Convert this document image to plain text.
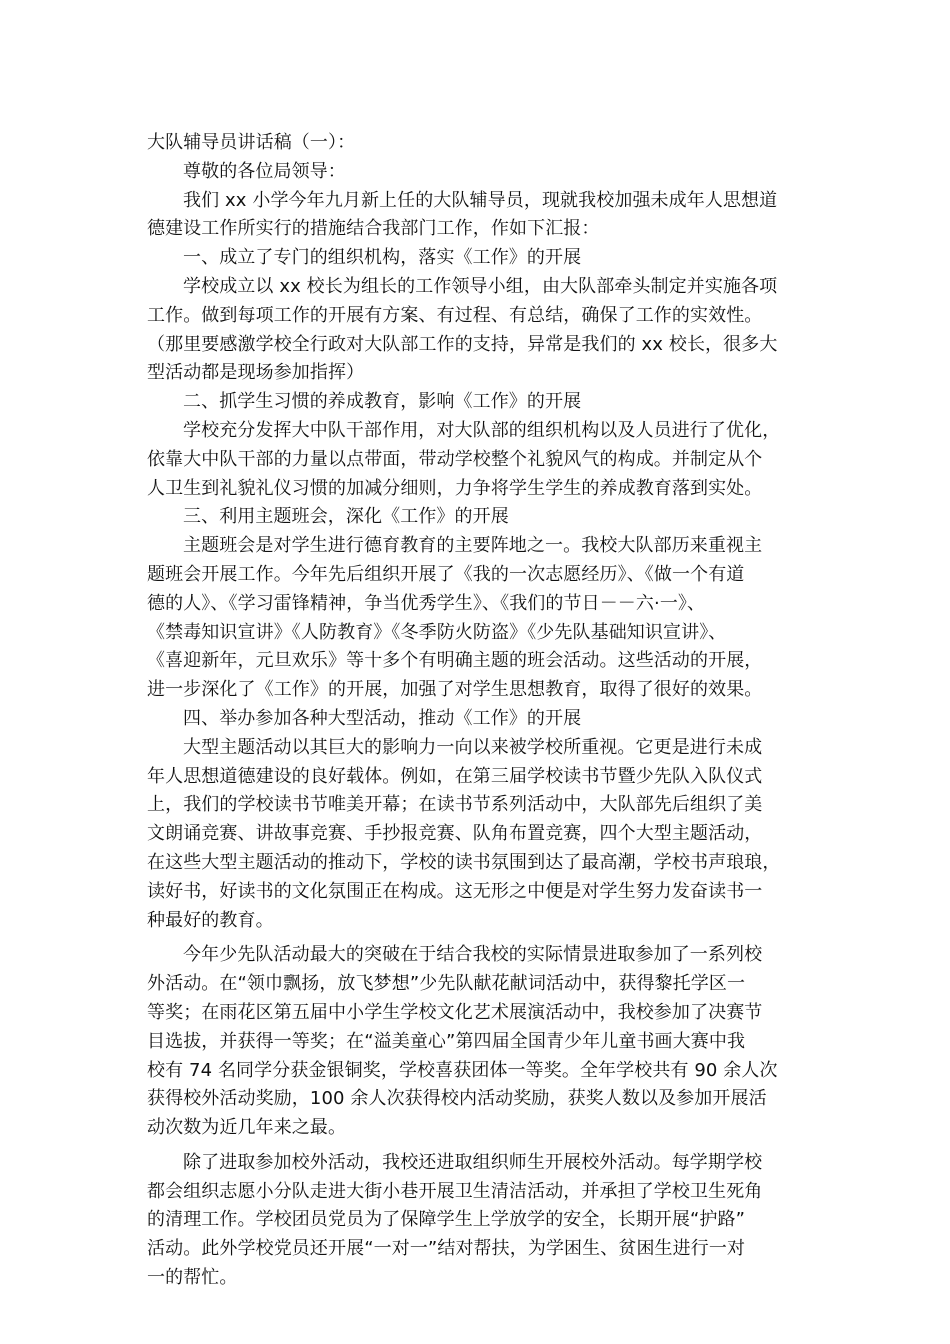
大队辅导员讲话稿（一）：
尊敬的各位局领导：
我们 xx 小学今年九月新上任的大队辅导员，现就我校加强未成年人思想道
德建设工作所实行的措施结合我部门工作，作如下汇报：
一、成立了专门的组织机构，落实《工作》的开展
学校成立以 xx 校长为组长的工作领导小组，由大队部牵头制定并实施各项
工作。做到每项工作的开展有方案、有过程、有总结，确保了工作的实效性。
（那里要感激学校全行政对大队部工作的支持，异常是我们的 xx 校长，很多大
型活动都是现场参加指挥）
二、抓学生习惯的养成教育，影响《工作》的开展
学校充分发挥大中队干部作用，对大队部的组织机构以及人员进行了优化，
依靠大中队干部的力量以点带面，带动学校整个礼貌风气的构成。并制定从个
人卫生到礼貌礼仪习惯的加减分细则，力争将学生学生的养成教育落到实处。
三、利用主题班会，深化《工作》的开展
主题班会是对学生进行德育教育的主要阵地之一。我校大队部历来重视主
题班会开展工作。今年先后组织开展了《我的一次志愿经历》、《做一个有道
德的人》、《学习雷锋精神，争当优秀学生》、《我们的节日－－六·一》、
《禁毒知识宣讲》《人防教育》《冬季防火防盗》《少先队基础知识宣讲》、
《喜迎新年，元旦欢乐》等十多个有明确主题的班会活动。这些活动的开展，
进一步深化了《工作》的开展，加强了对学生思想教育，取得了很好的效果。
四、举办参加各种大型活动，推动《工作》的开展
大型主题活动以其巨大的影响力一向以来被学校所重视。它更是进行未成
年人思想道德建设的良好载体。例如，在第三届学校读书节暨少先队入队仪式
上，我们的学校读书节唯美开幕；在读书节系列活动中，大队部先后组织了美
文朗诵竞赛、讲故事竞赛、手抄报竞赛、队角布置竞赛，四个大型主题活动，
在这些大型主题活动的推动下，学校的读书氛围到达了最高潮，学校书声琅琅，
读好书，好读书的文化氛围正在构成。这无形之中便是对学生努力发奋读书一
种最好的教育。
今年少先队活动最大的突破在于结合我校的实际情景进取参加了一系列校
外活动。在“领巾飘扬，放飞梦想”少先队献花献词活动中，获得黎托学区一
等奖；在雨花区第五届中小学生学校文化艺术展演活动中，我校参加了决赛节
目选拔，并获得一等奖；在“溢美童心”第四届全国青少年儿童书画大赛中我
校有 74 名同学分获金银铜奖，学校喜获团体一等奖。全年学校共有 90 余人次
获得校外活动奖励，100 余人次获得校内活动奖励，获奖人数以及参加开展活
动次数为近几年来之最。
除了进取参加校外活动，我校还进取组织师生开展校外活动。每学期学校
都会组织志愿小分队走进大街小巷开展卫生清洁活动，并承担了学校卫生死角
的清理工作。学校团员党员为了保障学生上学放学的安全，长期开展“护路”
活动。此外学校党员还开展“一对一”结对帮扶，为学困生、贫困生进行一对
一的帮忙。
